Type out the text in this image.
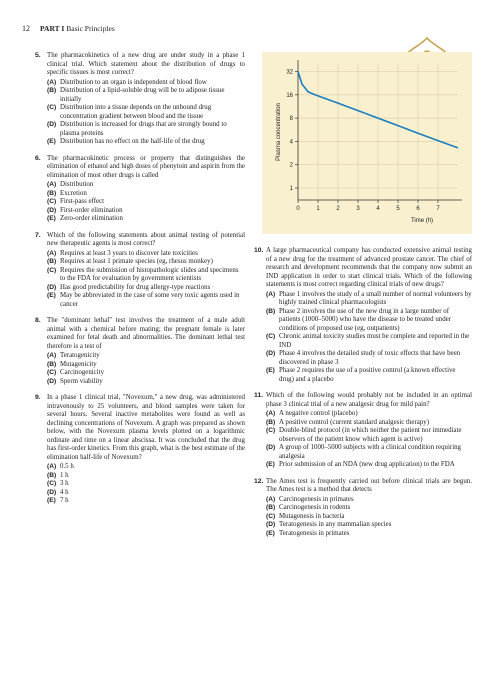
12 PART I Basic Principles
0	1	2	3	4	5	6	7
1
2
4
8
16
32
Time (h)
Plasma concentration
5. The pharmacokinetics of a new drug are under study in a phase 1 clinical trial. Which statement about the distribution of drugs to specific tissues is most correct?
(A) Distribution to an organ is independent of blood flow
(B) Distribution of a lipid-soluble drug will be to adipose tissue initially
(C) Distribution into a tissue depends on the unbound drug concentration gradient between blood and the tissue
(D) Distribution is increased for drugs that are strongly bound to plasma proteins
(E) Distribution has no effect on the half-life of the drug
6. The pharmacokinetic process or property that distinguishes the elimination of ethanol and high doses of phenytoin and aspirin from the elimination of most other drugs is called
(A) Distribution
(B) Excretion
(C) First-pass effect
(D) First-order elimination
(E) Zero-order elimination
7. Which of the following statements about animal testing of potential new therapeutic agents is most correct?
(A) Requires at least 3 years to discover late toxicities
(B) Requires at least 1 primate species (eg, rhesus monkey)
(C) Requires the submission of histopathologic slides and specimens to the FDA for evaluation by government scientists
(D) Has good predictability for drug allergy-type reactions
(E) May be abbreviated in the case of some very toxic agents used in cancer
8. The "dominant lethal" test involves the treatment of a male adult animal with a chemical before mating; the pregnant female is later examined for fetal death and abnormalities. The dominant lethal test therefore is a test of
(A) Teratogenicity
(B) Mutagenicity
(C) Carcinogenicity
(D) Sperm viability
9. In a phase 1 clinical trial, "Novexum," a new drug, was administered intravenously to 25 volunteers, and blood samples were taken for several hours. Several inactive metabolites were found as well as declining concentrations of Novexum. A graph was prepared as shown below, with the Novexum plasma levels plotted on a logarithmic ordinate and time on a linear abscissa. It was concluded that the drug has first-order kinetics. From this graph, what is the best estimate of the elimination half-life of Novexum?
(A) 0.5 h
(B) 1 h
(C) 3 h
(D) 4 h
(E) 7 h
10. A large pharmaceutical company has conducted extensive animal testing of a new drug for the treatment of advanced prostate cancer. The chief of research and development recommends that the company now submit an IND application in order to start clinical trials. Which of the following statements is most correct regarding clinical trials of new drugs?
(A) Phase 1 involves the study of a small number of normal volunteers by highly trained clinical pharmacologists
(B) Phase 2 involves the use of the new drug in a large number of patients (1000–5000) who have the disease to be treated under conditions of proposed use (eg, outpatients)
(C) Chronic animal toxicity studies must be complete and reported in the IND
(D) Phase 4 involves the detailed study of toxic effects that have been discovered in phase 3
(E) Phase 2 requires the use of a positive control (a known effective drug) and a placebo
11. Which of the following would probably not be included in an optimal phase 3 clinical trial of a new analgesic drug for mild pain?
(A) A negative control (placebo)
(B) A positive control (current standard analgesic therapy)
(C) Double-blind protocol (in which neither the patient nor immediate observers of the patient know which agent is active)
(D) A group of 1000–5000 subjects with a clinical condition requiring analgesia
(E) Prior submission of an NDA (new drug application) to the FDA
12. The Ames test is frequently carried out before clinical trials are begun. The Ames test is a method that detects
(A) Carcinogenesis in primates
(B) Carcinogenesis in rodents
(C) Mutagenesis in bacteria
(D) Teratogenesis in any mammalian species
(E) Teratogenesis in primates
